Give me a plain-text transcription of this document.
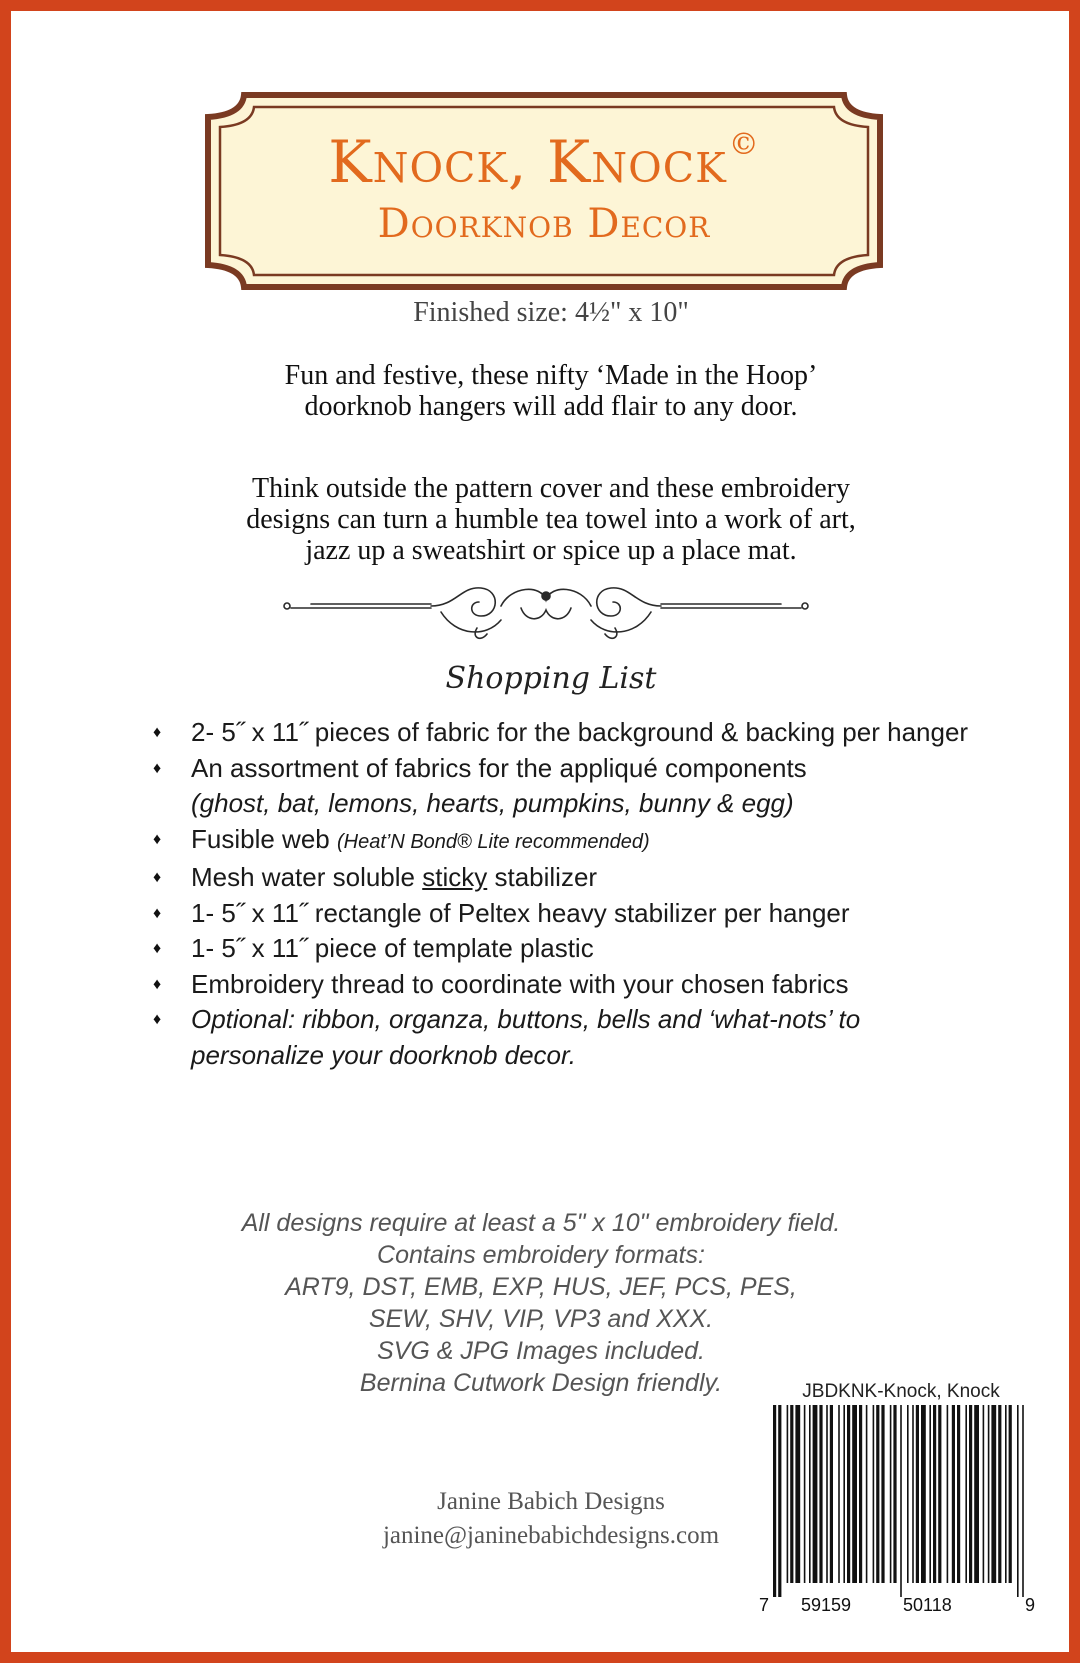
Knock, Knock©
Doorknob Decor
Finished size: 4½" x 10"
Fun and festive, these nifty ‘Made in the Hoop’
doorknob hangers will add flair to any door.
Think outside the pattern cover and these embroidery
designs can turn a humble tea towel into a work of art,
jazz up a sweatshirt or spice up a place mat.
Shopping List
♦ 2- 5˝ x 11˝ pieces of fabric for the background & backing per hanger
♦ An assortment of fabrics for the appliqué components
(ghost, bat, lemons, hearts, pumpkins, bunny & egg)
♦ Fusible web (Heat’N Bond® Lite recommended)
♦ Mesh water soluble sticky stabilizer
♦ 1- 5˝ x 11˝ rectangle of Peltex heavy stabilizer per hanger
♦ 1- 5˝ x 11˝ piece of template plastic
♦ Embroidery thread to coordinate with your chosen fabrics
♦ Optional: ribbon, organza, buttons, bells and ‘what-nots’ to personalize your doorknob decor.
All designs require at least a 5" x 10" embroidery field.
Contains embroidery formats:
ART9, DST, EMB, EXP, HUS, JEF, PCS, PES,
SEW, SHV, VIP, VP3 and XXX.
SVG & JPG Images included.
Bernina Cutwork Design friendly.
Janine Babich Designs
janine@janinebabichdesigns.com
JBDKNK-Knock, Knock
7 59159	50118	9
